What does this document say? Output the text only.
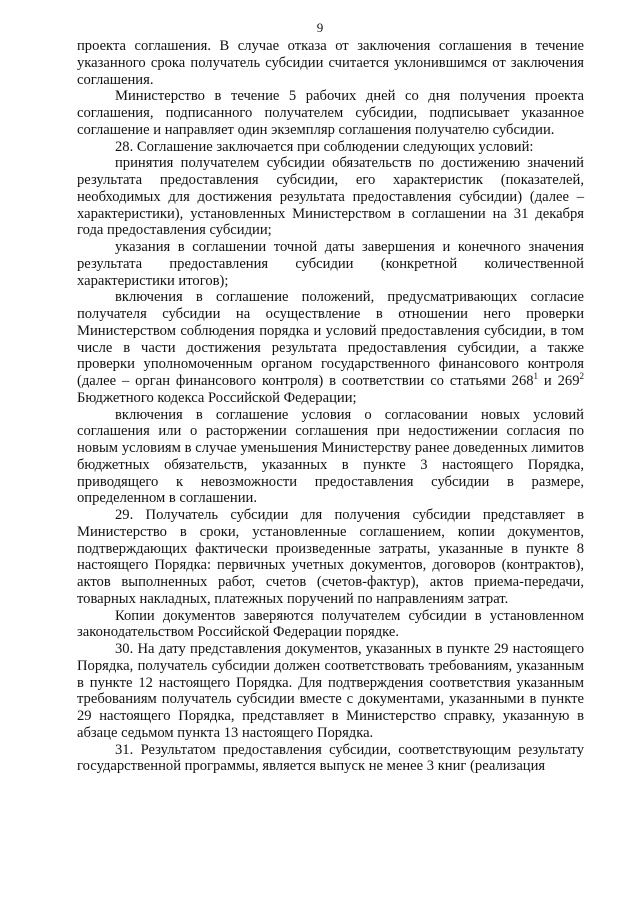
9

проекта соглашения. В случае отказа от заключения соглашения в течение указанного срока получатель субсидии считается уклонившимся от заключения соглашения.

Министерство в течение 5 рабочих дней со дня получения проекта соглашения, подписанного получателем субсидии, подписывает указанное соглашение и направляет один экземпляр соглашения получателю субсидии.

28. Соглашение заключается при соблюдении следующих условий:

принятия получателем субсидии обязательств по достижению значений результата предоставления субсидии, его характеристик (показателей, необходимых для достижения результата предоставления субсидии) (далее – характеристики), установленных Министерством в соглашении на 31 декабря года предоставления субсидии;

указания в соглашении точной даты завершения и конечного значения результата предоставления субсидии (конкретной количественной характеристики итогов);

включения в соглашение положений, предусматривающих согласие получателя субсидии на осуществление в отношении него проверки Министерством соблюдения порядка и условий предоставления субсидии, в том числе в части достижения результата предоставления субсидии, а также проверки уполномоченным органом государственного финансового контроля (далее – орган финансового контроля) в соответствии со статьями $268^1$ и $269^2$ Бюджетного кодекса Российской Федерации;

включения в соглашение условия о согласовании новых условий соглашения или о расторжении соглашения при недостижении согласия по новым условиям в случае уменьшения Министерству ранее доведенных лимитов бюджетных обязательств, указанных в пункте 3 настоящего Порядка, приводящего к невозможности предоставления субсидии в размере, определенном в соглашении.

29. Получатель субсидии для получения субсидии представляет в Министерство в сроки, установленные соглашением, копии документов, подтверждающих фактически произведенные затраты, указанные в пункте 8 настоящего Порядка: первичных учетных документов, договоров (контрактов), актов выполненных работ, счетов (счетов-фактур), актов приема-передачи, товарных накладных, платежных поручений по направлениям затрат.

Копии документов заверяются получателем субсидии в установленном законодательством Российской Федерации порядке.

30. На дату представления документов, указанных в пункте 29 настоящего Порядка, получатель субсидии должен соответствовать требованиям, указанным в пункте 12 настоящего Порядка. Для подтверждения соответствия указанным требованиям получатель субсидии вместе с документами, указанными в пункте 29 настоящего Порядка, представляет в Министерство справку, указанную в абзаце седьмом пункта 13 настоящего Порядка.

31. Результатом предоставления субсидии, соответствующим результату государственной программы, является выпуск не менее 3 книг (реализация
